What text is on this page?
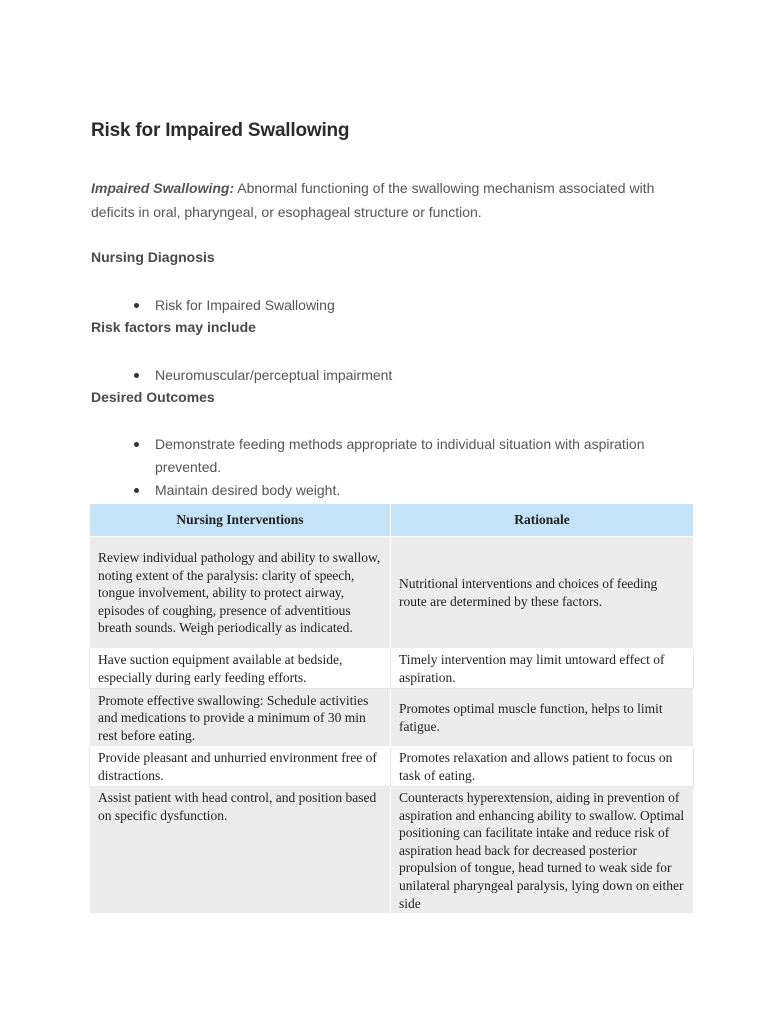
Risk for Impaired Swallowing

Impaired Swallowing: Abnormal functioning of the swallowing mechanism associated with deficits in oral, pharyngeal, or esophageal structure or function.

Nursing Diagnosis
Risk for Impaired Swallowing
Risk factors may include
Neuromuscular/perceptual impairment
Desired Outcomes
Demonstrate feeding methods appropriate to individual situation with aspiration prevented.
Maintain desired body weight.
Nursing Interventions	Rationale
Review individual pathology and ability to swallow, noting extent of the paralysis: clarity of speech, tongue involvement, ability to protect airway, episodes of coughing, presence of adventitious breath sounds. Weigh periodically as indicated.	Nutritional interventions and choices of feeding route are determined by these factors.
Have suction equipment available at bedside, especially during early feeding efforts.	Timely intervention may limit untoward effect of aspiration.
Promote effective swallowing: Schedule activities and medications to provide a minimum of 30 min rest before eating.	Promotes optimal muscle function, helps to limit fatigue.
Provide pleasant and unhurried environment free of distractions.	Promotes relaxation and allows patient to focus on task of eating.
Assist patient with head control, and position based on specific dysfunction.	Counteracts hyperextension, aiding in prevention of aspiration and enhancing ability to swallow. Optimal positioning can facilitate intake and reduce risk of aspiration head back for decreased posterior propulsion of tongue, head turned to weak side for unilateral pharyngeal paralysis, lying down on either side
